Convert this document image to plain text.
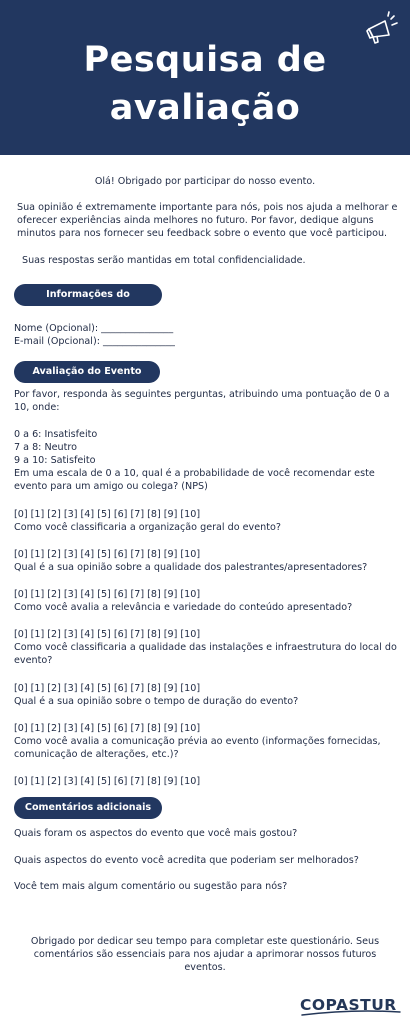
Pesquisa de
avaliação
Olá! Obrigado por participar do nosso evento.
Sua opinião é extremamente importante para nós, pois nos ajuda a melhorar e oferecer experiências ainda melhores no futuro. Por favor, dedique alguns minutos para nos fornecer seu feedback sobre o evento que você participou.
Suas respostas serão mantidas em total confidencialidade.
Informações do Participante
Nome (Opcional): _______________
E-mail (Opcional): _______________
Avaliação do Evento
Por favor, responda às seguintes perguntas, atribuindo uma pontuação de 0 a 10, onde:
0 a 6: Insatisfeito
7 a 8: Neutro
9 a 10: Satisfeito
Em uma escala de 0 a 10, qual é a probabilidade de você recomendar este evento para um amigo ou colega? (NPS)
[0] [1] [2] [3] [4] [5] [6] [7] [8] [9] [10]
Como você classificaria a organização geral do evento?
[0] [1] [2] [3] [4] [5] [6] [7] [8] [9] [10]
Qual é a sua opinião sobre a qualidade dos palestrantes/apresentadores?
[0] [1] [2] [3] [4] [5] [6] [7] [8] [9] [10]
Como você avalia a relevância e variedade do conteúdo apresentado?
[0] [1] [2] [3] [4] [5] [6] [7] [8] [9] [10]
Como você classificaria a qualidade das instalações e infraestrutura do local do evento?
[0] [1] [2] [3] [4] [5] [6] [7] [8] [9] [10]
Qual é a sua opinião sobre o tempo de duração do evento?
[0] [1] [2] [3] [4] [5] [6] [7] [8] [9] [10]
Como você avalia a comunicação prévia ao evento (informações fornecidas, comunicação de alterações, etc.)?
[0] [1] [2] [3] [4] [5] [6] [7] [8] [9] [10]
Comentários adicionais
Quais foram os aspectos do evento que você mais gostou?
Quais aspectos do evento você acredita que poderiam ser melhorados?
Você tem mais algum comentário ou sugestão para nós?
Obrigado por dedicar seu tempo para completar este questionário. Seus comentários são essenciais para nos ajudar a aprimorar nossos futuros eventos.
COPASTUR
